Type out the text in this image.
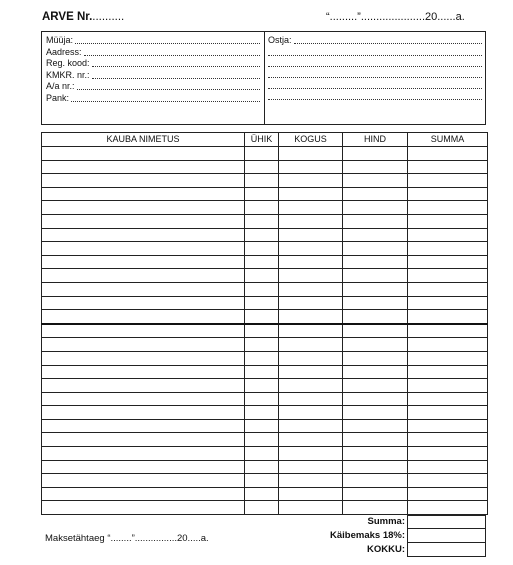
ARVE Nr...........	“.........”.....................20......a.
Müüja:
Aadress:
Reg. kood:
KMKR. nr.:
A/a nr.:
Pank:
Ostja:
KAUBA NIMETUS	ÜHIK	KOGUS	HIND	SUMMA

Summa:
Käibemaks 18%:
KOKKU:
Maksetähtaeg “........”................20.....a.
